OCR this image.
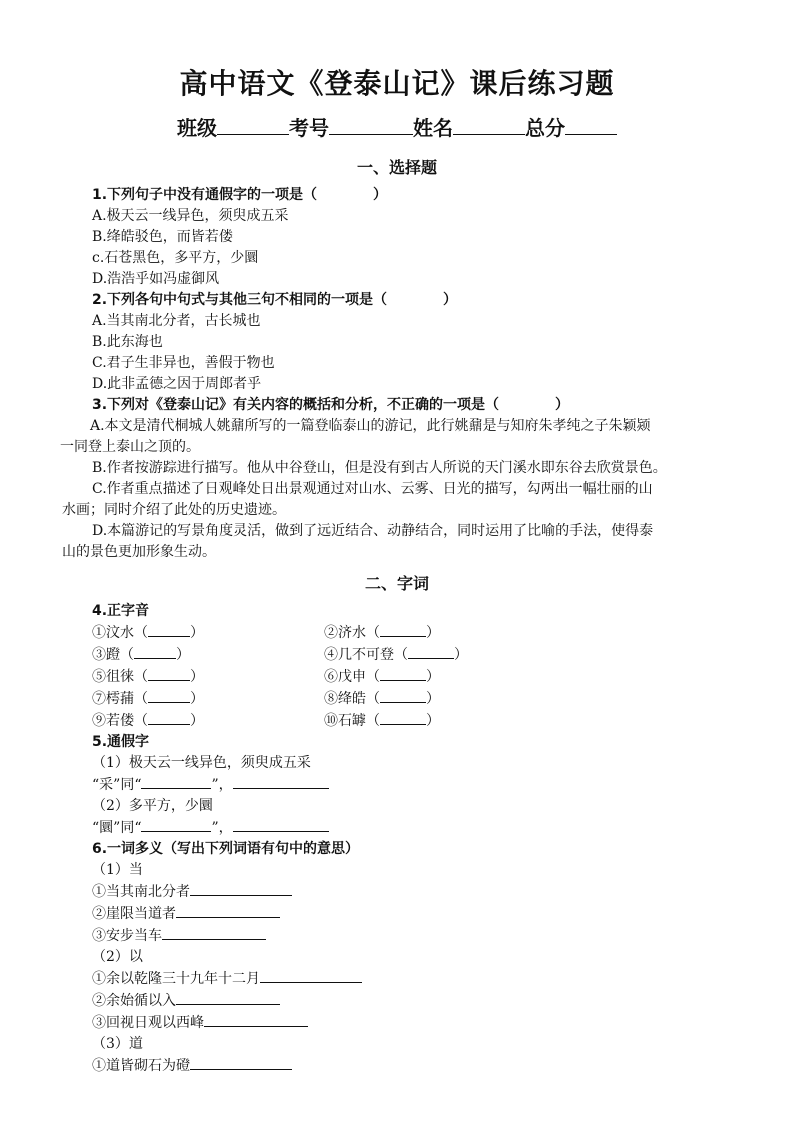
高中语文《登泰山记》课后练习题
班级	考号	姓名	总分
一、选择题
1.下列句子中没有通假字的一项是（　　　　）
A.极天云一线异色，须臾成五采
B.绛皓驳色，而皆若偻
c.石苍黑色，多平方，少圜
D.浩浩乎如冯虚御风
2.下列各句中句式与其他三句不相同的一项是（　　　　）
A.当其南北分者，古长城也
B.此东海也
C.君子生非异也，善假于物也
D.此非孟德之因于周郎者乎
3.下列对《登泰山记》有关内容的概括和分析，不正确的一项是（　　　　）
A.本文是清代桐城人姚鼐所写的一篇登临泰山的游记，此行姚鼐是与知府朱孝纯之子朱颖颎
一同登上泰山之顶的。
B.作者按游踪进行描写。他从中谷登山，但是没有到古人所说的天门溪水即东谷去欣赏景色。
C.作者重点描述了日观峰处日出景观通过对山水、云雾、日光的描写，勾两出一幅壮丽的山
水画；同时介绍了此处的历史遗迹。
D.本篇游记的写景角度灵活，做到了远近结合、动静结合，同时运用了比喻的手法，使得泰
山的景色更加形象生动。
二、字词
4.正字音
①汶水（	）	②济水（	）
③蹬（	）	④几不可登（	）
⑤徂徕（	）	⑥戊申（	）
⑦樗蒱（	）	⑧绛皓（	）
⑨若偻（	）	⑩石罅（	）
5.通假字
（1）极天云一线异色，须臾成五采
“采”同“	”，
（2）多平方，少圜
“圜”同“	”，
6.一词多义（写出下列词语有句中的意思）
（1）当
①当其南北分者
②崖限当道者
③安步当车
（2）以
①余以乾隆三十九年十二月
②余始循以入
③回视日观以西峰
（3）道
①道皆砌石为磴
